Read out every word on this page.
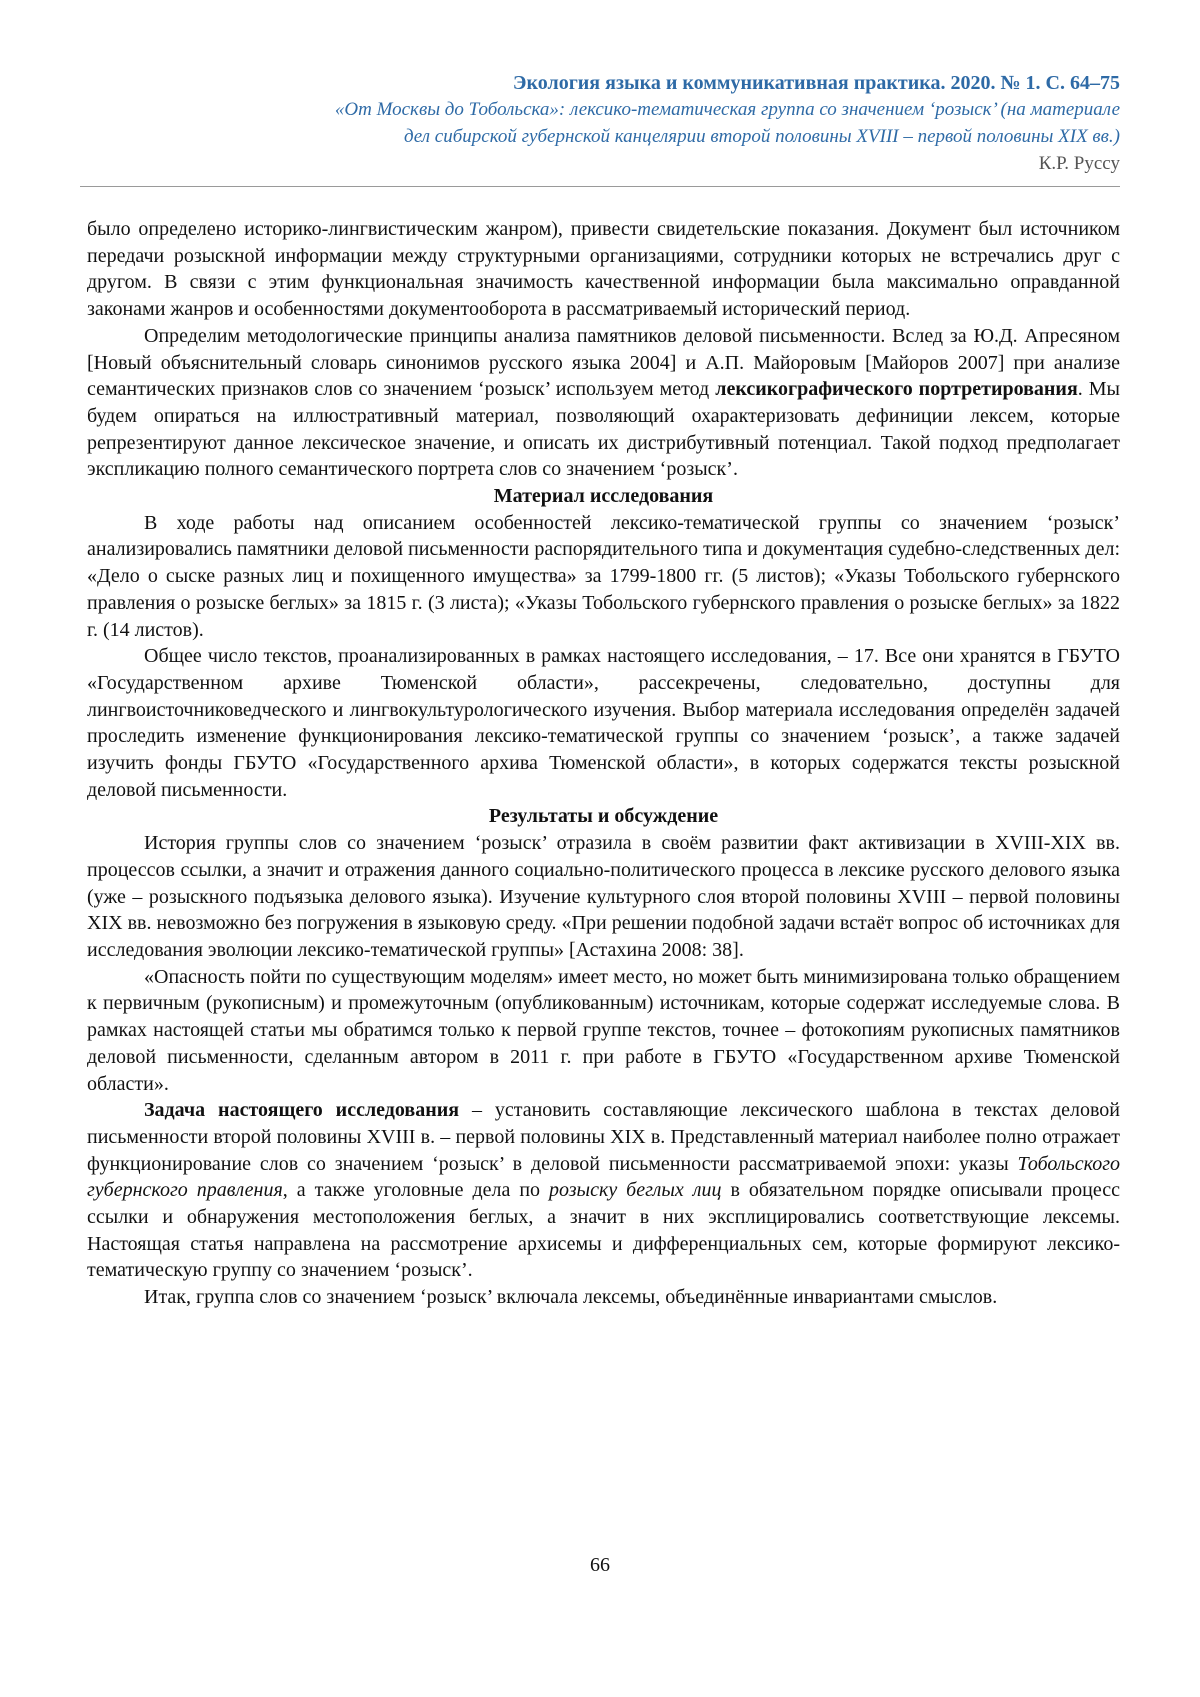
Экология языка и коммуникативная практика. 2020. № 1. С. 64–75
«От Москвы до Тобольска»: лексико-тематическая группа со значением ‘розыск’ (на материале
дел сибирской губернской канцелярии второй половины XVIII – первой половины XIX вв.)
К.Р. Руссу

было определено историко-лингвистическим жанром), привести свидетельские показания. Документ был источником передачи розыскной информации между структурными организациями, сотрудники которых не встречались друг с другом. В связи с этим функциональная значимость качественной информации была максимально оправданной законами жанров и особенностями документооборота в рассматриваемый исторический период.

Определим методологические принципы анализа памятников деловой письменности. Вслед за Ю.Д. Апресяном [Новый объяснительный словарь синонимов русского языка 2004] и А.П. Майоровым [Майоров 2007] при анализе семантических признаков слов со значением ‘розыск’ используем метод лексикографического портретирования. Мы будем опираться на иллюстративный материал, позволяющий охарактеризовать дефиниции лексем, которые репрезентируют данное лексическое значение, и описать их дистрибутивный потенциал. Такой подход предполагает экспликацию полного семантического портрета слов со значением ‘розыск’.

Материал исследования

В ходе работы над описанием особенностей лексико-тематической группы со значением ‘розыск’ анализировались памятники деловой письменности распорядительного типа и документация судебно-следственных дел: «Дело о сыске разных лиц и похищенного имущества» за 1799-1800 гг. (5 листов); «Указы Тобольского губернского правления о розыске беглых» за 1815 г. (3 листа); «Указы Тобольского губернского правления о розыске беглых» за 1822 г. (14 листов).

Общее число текстов, проанализированных в рамках настоящего исследования, – 17. Все они хранятся в ГБУТО «Государственном архиве Тюменской области», рассекречены, следовательно, доступны для лингвоисточниковедческого и лингвокультурологического изучения. Выбор материала исследования определён задачей проследить изменение функционирования лексико-тематической группы со значением ‘розыск’, а также задачей изучить фонды ГБУТО «Государственного архива Тюменской области», в которых содержатся тексты розыскной деловой письменности.

Результаты и обсуждение

История группы слов со значением ‘розыск’ отразила в своём развитии факт активизации в XVIII-XIX вв. процессов ссылки, а значит и отражения данного социально-политического процесса в лексике русского делового языка (уже – розыскного подъязыка делового языка). Изучение культурного слоя второй половины XVIII – первой половины XIX вв. невозможно без погружения в языковую среду. «При решении подобной задачи встаёт вопрос об источниках для исследования эволюции лексико-тематической группы» [Астахина 2008: 38].

«Опасность пойти по существующим моделям» имеет место, но может быть минимизирована только обращением к первичным (рукописным) и промежуточным (опубликованным) источникам, которые содержат исследуемые слова. В рамках настоящей статьи мы обратимся только к первой группе текстов, точнее – фотокопиям рукописных памятников деловой письменности, сделанным автором в 2011 г. при работе в ГБУТО «Государственном архиве Тюменской области».

Задача настоящего исследования – установить составляющие лексического шаблона в текстах деловой письменности второй половины XVIII в. – первой половины XIX в. Представленный материал наиболее полно отражает функционирование слов со значением ‘розыск’ в деловой письменности рассматриваемой эпохи: указы Тобольского губернского правления, а также уголовные дела по розыску беглых лиц в обязательном порядке описывали процесс ссылки и обнаружения местоположения беглых, а значит в них эксплицировались соответствующие лексемы. Настоящая статья направлена на рассмотрение архисемы и дифференциальных сем, которые формируют лексико-тематическую группу со значением ‘розыск’.

Итак, группа слов со значением ‘розыск’ включала лексемы, объединённые инвариантами смыслов.

66
